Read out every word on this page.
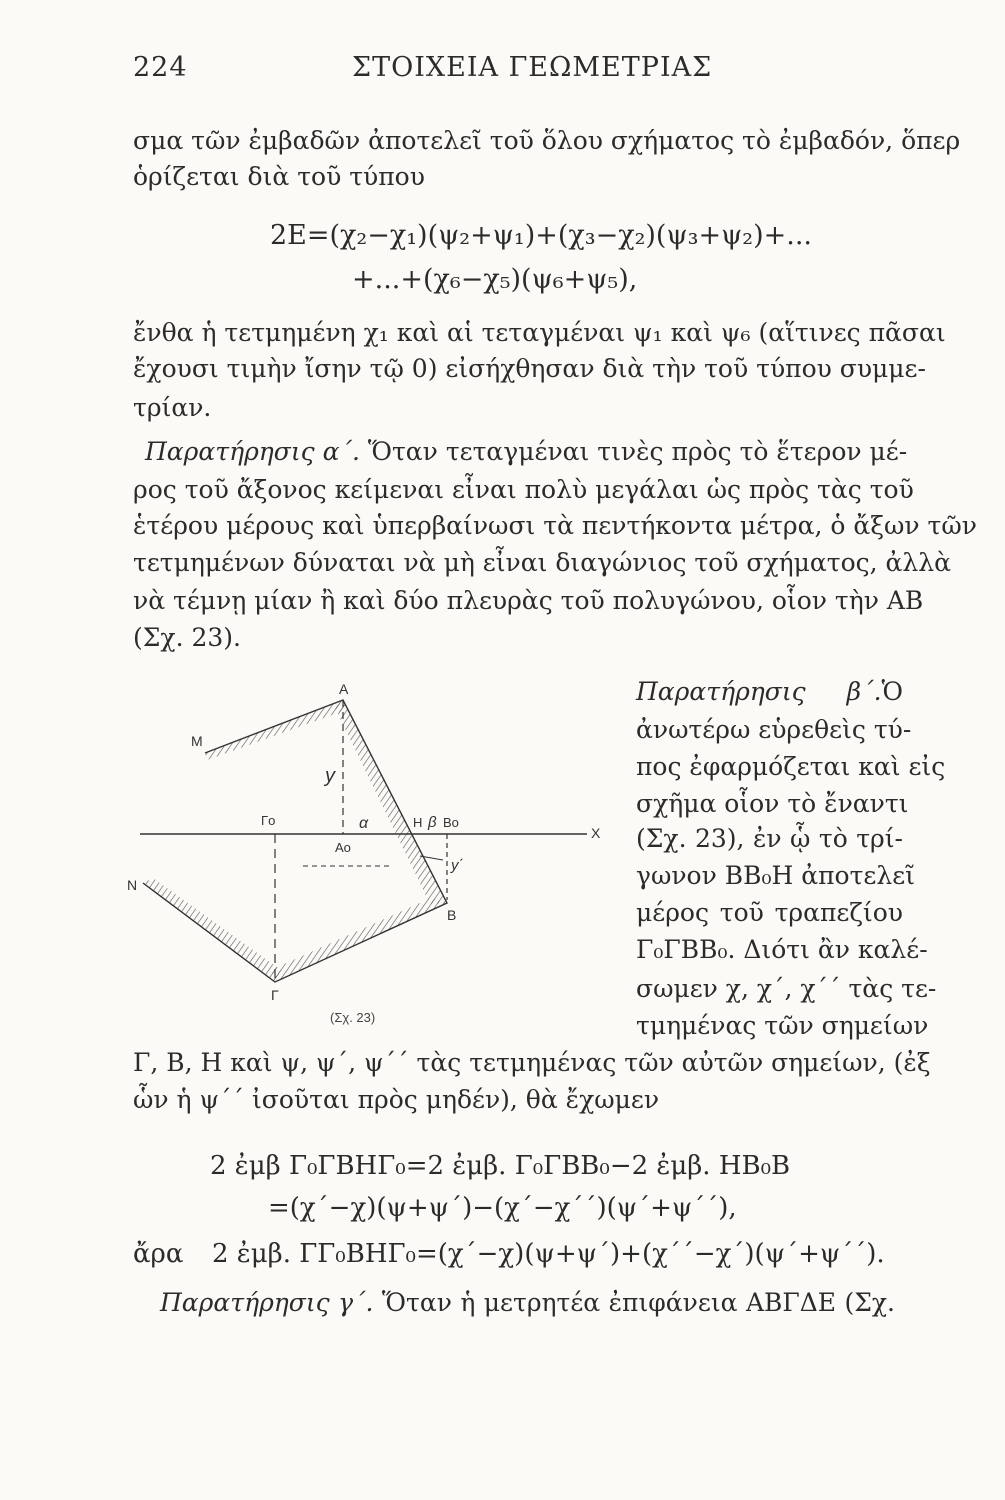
224	ΣΤΟΙΧΕΙΑ ΓΕΩΜΕΤΡΙΑΣ
σμα τῶν ἐμβαδῶν ἀποτελεῖ τοῦ ὅλου σχήματος τὸ ἐμβαδόν, ὅπερ
ὁρίζεται διὰ τοῦ τύπου
2Ε=(χ₂−χ₁)(ψ₂+ψ₁)+(χ₃−χ₂)(ψ₃+ψ₂)+...
+...+(χ₆−χ₅)(ψ₆+ψ₅),
ἔνθα ἡ τετμημένη χ₁ καὶ αἱ τεταγμέναι ψ₁ καὶ ψ₆ (αἵτινες πᾶσαι
ἔχουσι τιμὴν ἴσην τῷ 0) εἰσήχθησαν διὰ τὴν τοῦ τύπου συμμε-
τρίαν.
Παρατήρησις α΄. Ὅταν τεταγμέναι τινὲς πρὸς τὸ ἕτερον μέ-
ρος τοῦ ἄξονος κείμεναι εἶναι πολὺ μεγάλαι ὡς πρὸς τὰς τοῦ
ἑτέρου μέρους καὶ ὑπερβαίνωσι τὰ πεντήκοντα μέτρα, ὁ ἄξων τῶν
τετμημένων δύναται νὰ μὴ εἶναι διαγώνιος τοῦ σχήματος, ἀλλὰ
νὰ τέμνῃ μίαν ἢ καὶ δύο πλευρὰς τοῦ πολυγώνου, οἷον τὴν ΑΒ
(Σχ. 23).
Παρατήρησις β΄.Ὁ
ἀνωτέρω εὑρεθεὶς τύ-
πος ἐφαρμόζεται καὶ εἰς
σχῆμα οἷον τὸ ἔναντι
(Σχ. 23), ἐν ᾧ τὸ τρί-
γωνον ΒΒ₀Η ἀποτελεῖ
μέρος τοῦ τραπεζίου
Γ₀ΓΒΒ₀. Διότι ἂν καλέ-
σωμεν χ, χ΄, χ΄΄ τὰς τε-
τμημένας τῶν σημείων
Γ, Β, Η καὶ ψ, ψ΄, ψ΄΄ τὰς τετμημένας τῶν αὐτῶν σημείων, (ἐξ
ὧν ἡ ψ΄΄ ἰσοῦται πρὸς μηδέν), θὰ ἔχωμεν
2 ἐμβ Γ₀ΓΒΗΓ₀=2 ἐμβ. Γ₀ΓΒΒ₀−2 ἐμβ. ΗΒ₀Β
=(χ΄−χ)(ψ+ψ΄)−(χ΄−χ΄΄)(ψ΄+ψ΄΄),
ἄρα 2 ἐμβ. ΓΓ₀ΒΗΓ₀=(χ΄−χ)(ψ+ψ΄)+(χ΄΄−χ΄)(ψ΄+ψ΄΄).
Παρατήρησις γ΄. Ὅταν ἡ μετρητέα ἐπιφάνεια ΑΒΓΔΕ (Σχ.
Α
Μ
Ν
Γ
Γο
Αο
Η β Βο
Β
Χ
y
α
y΄
(Σχ. 23)
